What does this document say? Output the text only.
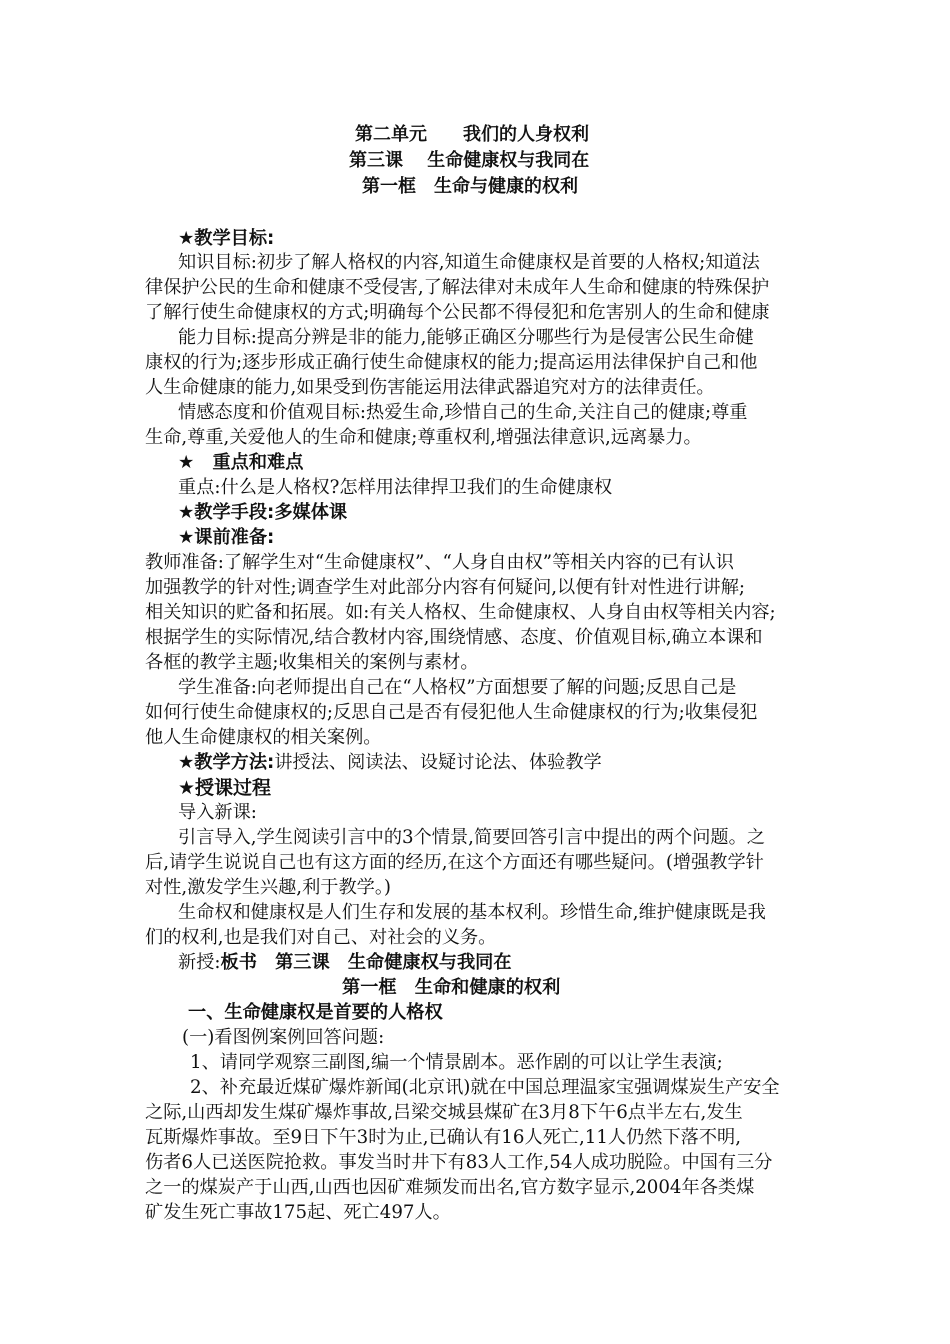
第二单元　　我们的人身权利
第三课　 生命健康权与我同在
第一框　生命与健康的权利
★教学目标:
知识目标:初步了解人格权的内容,知道生命健康权是首要的人格权;知道法
律保护公民的生命和健康不受侵害,了解法律对未成年人生命和健康的特殊保护
了解行使生命健康权的方式;明确每个公民都不得侵犯和危害别人的生命和健康
能力目标:提高分辨是非的能力,能够正确区分哪些行为是侵害公民生命健
康权的行为;逐步形成正确行使生命健康权的能力;提高运用法律保护自己和他
人生命健康的能力,如果受到伤害能运用法律武器追究对方的法律责任。
情感态度和价值观目标:热爱生命,珍惜自己的生命,关注自己的健康;尊重
生命,尊重,关爱他人的生命和健康;尊重权利,增强法律意识,远离暴力。
★　重点和难点
重点:什么是人格权?怎样用法律捍卫我们的生命健康权
★教学手段:多媒体课
★课前准备:
教师准备:了解学生对“生命健康权”、“人身自由权”等相关内容的已有认识
加强教学的针对性;调查学生对此部分内容有何疑问,以便有针对性进行讲解;
相关知识的贮备和拓展。如:有关人格权、生命健康权、人身自由权等相关内容;
根据学生的实际情况,结合教材内容,围绕情感、态度、价值观目标,确立本课和
各框的教学主题;收集相关的案例与素材。
学生准备:向老师提出自己在“人格权”方面想要了解的问题;反思自己是
如何行使生命健康权的;反思自己是否有侵犯他人生命健康权的行为;收集侵犯
他人生命健康权的相关案例。
★教学方法:讲授法、阅读法、设疑讨论法、体验教学
★授课过程
导入新课:
引言导入,学生阅读引言中的3个情景,简要回答引言中提出的两个问题。之
后,请学生说说自己也有这方面的经历,在这个方面还有哪些疑问。(增强教学针
对性,激发学生兴趣,利于教学。)
生命权和健康权是人们生存和发展的基本权利。珍惜生命,维护健康既是我
们的权利,也是我们对自己、对社会的义务。
新授:板书　第三课　生命健康权与我同在
第一框　生命和健康的权利
一、生命健康权是首要的人格权
(一)看图例案例回答问题:
1、请同学观察三副图,编一个情景剧本。恶作剧的可以让学生表演;
2、补充最近煤矿爆炸新闻(北京讯)就在中国总理温家宝强调煤炭生产安全
之际,山西却发生煤矿爆炸事故,吕梁交城县煤矿在3月8下午6点半左右,发生
瓦斯爆炸事故。至9日下午3时为止,已确认有16人死亡,11人仍然下落不明,
伤者6人已送医院抢救。事发当时井下有83人工作,54人成功脱险。中国有三分
之一的煤炭产于山西,山西也因矿难频发而出名,官方数字显示,2004年各类煤
矿发生死亡事故175起、死亡497人。
